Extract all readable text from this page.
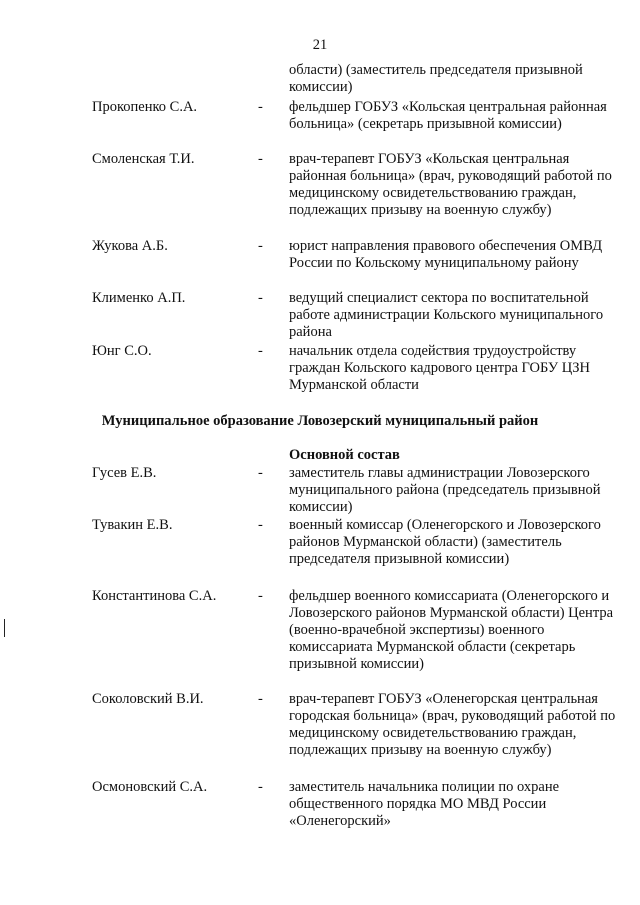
21
области) (заместитель председателя призывной комиссии)
Прокопенко С.А.	- фельдшер ГОБУЗ «Кольская центральная районная больница» (секретарь призывной комиссии)
Смоленская Т.И.	- врач-терапевт ГОБУЗ «Кольская центральная районная больница» (врач, руководящий работой по медицинскому освидетельствованию граждан, подлежащих призыву на военную службу)
Жукова А.Б.	- юрист направления правового обеспечения ОМВД России по Кольскому муниципальному району
Клименко А.П.	- ведущий специалист сектора по воспитательной работе администрации Кольского муниципального района
Юнг С.О.	- начальник отдела содействия трудоустройству граждан Кольского кадрового центра ГОБУ ЦЗН Мурманской области
Муниципальное образование Ловозерский муниципальный район
Основной состав
Гусев Е.В.	- заместитель главы администрации Ловозерского муниципального района (председатель призывной комиссии)
Тувакин Е.В.	- военный комиссар (Оленегорского и Ловозерского районов Мурманской области) (заместитель председателя призывной комиссии)
Константинова С.А.	- фельдшер военного комиссариата (Оленегорского и Ловозерского районов Мурманской области) Центра (военно-врачебной экспертизы) военного комиссариата Мурманской области (секретарь призывной комиссии)
Соколовский В.И.	- врач-терапевт ГОБУЗ «Оленегорская центральная городская больница» (врач, руководящий работой по медицинскому освидетельствованию граждан, подлежащих призыву на военную службу)
Осмоновский С.А.	- заместитель начальника полиции по охране общественного порядка МО МВД России «Оленегорский»
